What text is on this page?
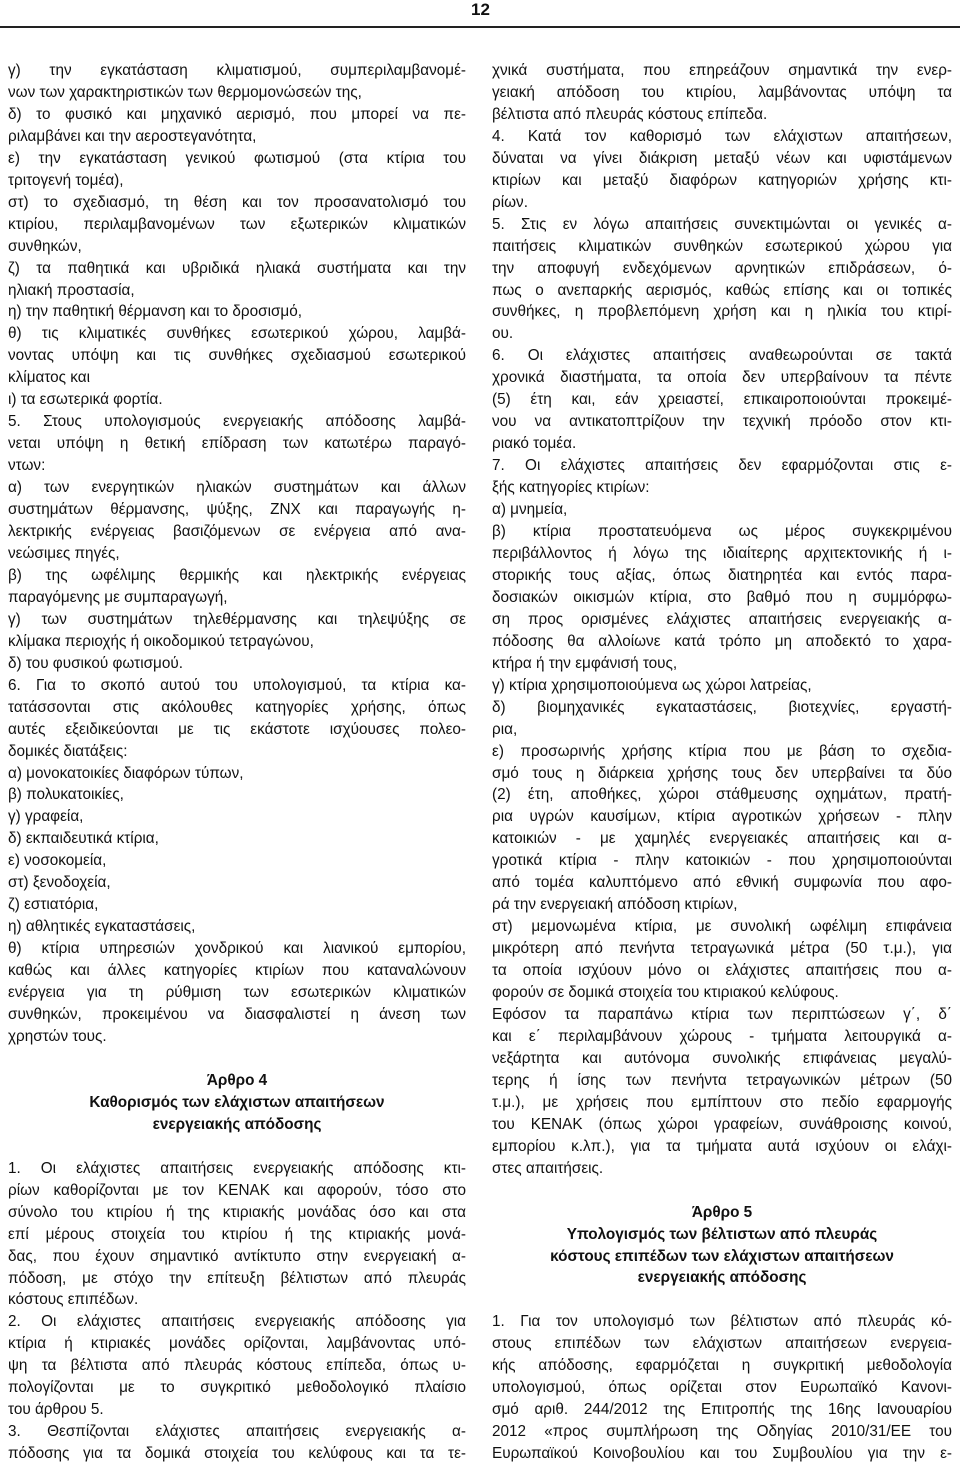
12
γ) την εγκατάσταση κλιματισμού, συμπεριλαμβανομέ-
νων των χαρακτηριστικών των θερμομονώσεών της,
δ) το φυσικό και μηχανικό αερισμό, που μπορεί να πε-
ριλαμβάνει και την αεροστεγανότητα,
ε) την εγκατάσταση γενικού φωτισμού (στα κτίρια του
τριτογενή τομέα),
στ) το σχεδιασμό, τη θέση και τον προσανατολισμό του
κτιρίου, περιλαμβανομένων των εξωτερικών κλιματικών
συνθηκών,
ζ) τα παθητικά και υβριδικά ηλιακά συστήματα και την
ηλιακή προστασία,
η) την παθητική θέρμανση και το δροσισμό,
θ) τις κλιματικές συνθήκες εσωτερικού χώρου, λαμβά-
νοντας υπόψη και τις συνθήκες σχεδιασμού εσωτερικού
κλίματος και
ι) τα εσωτερικά φορτία.
5. Στους υπολογισμούς ενεργειακής απόδοσης λαμβά-
νεται υπόψη η θετική επίδραση των κατωτέρω παραγό-
ντων:
α) των ενεργητικών ηλιακών συστημάτων και άλλων
συστημάτων θέρμανσης, ψύξης, ΖΝΧ και παραγωγής η-
λεκτρικής ενέργειας βασιζόμενων σε ενέργεια από ανα-
νεώσιμες πηγές,
β) της ωφέλιμης θερμικής και ηλεκτρικής ενέργειας
παραγόμενης με συμπαραγωγή,
γ) των συστημάτων τηλεθέρμανσης και τηλεψύξης σε
κλίμακα περιοχής ή οικοδομικού τετραγώνου,
δ) του φυσικού φωτισμού.
6. Για το σκοπό αυτού του υπολογισμού, τα κτίρια κα-
τατάσσονται στις ακόλουθες κατηγορίες χρήσης, όπως
αυτές εξειδικεύονται με τις εκάστοτε ισχύουσες πολεο-
δομικές διατάξεις:
α) μονοκατοικίες διαφόρων τύπων,
β) πολυκατοικίες,
γ) γραφεία,
δ) εκπαιδευτικά κτίρια,
ε) νοσοκομεία,
στ) ξενοδοχεία,
ζ) εστιατόρια,
η) αθλητικές εγκαταστάσεις,
θ) κτίρια υπηρεσιών χονδρικού και λιανικού εμπορίου,
καθώς και άλλες κατηγορίες κτιρίων που καταναλώνουν
ενέργεια για τη ρύθμιση των εσωτερικών κλιματικών
συνθηκών, προκειμένου να διασφαλιστεί η άνεση των
χρηστών τους.
Άρθρο 4
Καθορισμός των ελάχιστων απαιτήσεων
ενεργειακής απόδοσης
1. Οι ελάχιστες απαιτήσεις ενεργειακής απόδοσης κτι-
ρίων καθορίζονται με τον ΚΕΝΑΚ και αφορούν, τόσο στο
σύνολο του κτιρίου ή της κτιριακής μονάδας όσο και στα
επί μέρους στοιχεία του κτιρίου ή της κτιριακής μονά-
δας, που έχουν σημαντικό αντίκτυπο στην ενεργειακή α-
πόδοση, με στόχο την επίτευξη βέλτιστων από πλευράς
κόστους επιπέδων.
2. Οι ελάχιστες απαιτήσεις ενεργειακής απόδοσης για
κτίρια ή κτιριακές μονάδες ορίζονται, λαμβάνοντας υπό-
ψη τα βέλτιστα από πλευράς κόστους επίπεδα, όπως υ-
πολογίζονται με το συγκριτικό μεθοδολογικό πλαίσιο
του άρθρου 5.
3. Θεσπίζονται ελάχιστες απαιτήσεις ενεργειακής α-
πόδοσης για τα δομικά στοιχεία του κελύφους και τα τε-
χνικά συστήματα, που επηρεάζουν σημαντικά την ενερ-
γειακή απόδοση του κτιρίου, λαμβάνοντας υπόψη τα
βέλτιστα από πλευράς κόστους επίπεδα.
4. Κατά τον καθορισμό των ελάχιστων απαιτήσεων,
δύναται να γίνει διάκριση μεταξύ νέων και υφιστάμενων
κτιρίων και μεταξύ διαφόρων κατηγοριών χρήσης κτι-
ρίων.
5. Στις εν λόγω απαιτήσεις συνεκτιμώνται οι γενικές α-
παιτήσεις κλιματικών συνθηκών εσωτερικού χώρου για
την αποφυγή ενδεχόμενων αρνητικών επιδράσεων, ό-
πως ο ανεπαρκής αερισμός, καθώς επίσης και οι τοπικές
συνθήκες, η προβλεπόμενη χρήση και η ηλικία του κτιρί-
ου.
6. Οι ελάχιστες απαιτήσεις αναθεωρούνται σε τακτά
χρονικά διαστήματα, τα οποία δεν υπερβαίνουν τα πέντε
(5) έτη και, εάν χρειαστεί, επικαιροποιούνται προκειμέ-
νου να αντικατοπτρίζουν την τεχνική πρόοδο στον κτι-
ριακό τομέα.
7. Οι ελάχιστες απαιτήσεις δεν εφαρμόζονται στις ε-
ξής κατηγορίες κτιρίων:
α) μνημεία,
β) κτίρια προστατευόμενα ως μέρος συγκεκριμένου
περιβάλλοντος ή λόγω της ιδιαίτερης αρχιτεκτονικής ή ι-
στορικής τους αξίας, όπως διατηρητέα και εντός παρα-
δοσιακών οικισμών κτίρια, στο βαθμό που η συμμόρφω-
ση προς ορισμένες ελάχιστες απαιτήσεις ενεργειακής α-
πόδοσης θα αλλοίωνε κατά τρόπο μη αποδεκτό το χαρα-
κτήρα ή την εμφάνισή τους,
γ) κτίρια χρησιμοποιούμενα ως χώροι λατρείας,
δ) βιομηχανικές εγκαταστάσεις, βιοτεχνίες, εργαστή-
ρια,
ε) προσωρινής χρήσης κτίρια που με βάση το σχεδια-
σμό τους η διάρκεια χρήσης τους δεν υπερβαίνει τα δύο
(2) έτη, αποθήκες, χώροι στάθμευσης οχημάτων, πρατή-
ρια υγρών καυσίμων, κτίρια αγροτικών χρήσεων - πλην
κατοικιών - με χαμηλές ενεργειακές απαιτήσεις και α-
γροτικά κτίρια - πλην κατοικιών - που χρησιμοποιούνται
από τομέα καλυπτόμενο από εθνική συμφωνία που αφο-
ρά την ενεργειακή απόδοση κτιρίων,
στ) μεμονωμένα κτίρια, με συνολική ωφέλιμη επιφάνεια
μικρότερη από πενήντα τετραγωνικά μέτρα (50 τ.μ.), για
τα οποία ισχύουν μόνο οι ελάχιστες απαιτήσεις που α-
φορούν σε δομικά στοιχεία του κτιριακού κελύφους.
Εφόσον τα παραπάνω κτίρια των περιπτώσεων γ΄, δ΄
και ε΄ περιλαμβάνουν χώρους - τμήματα λειτουργικά α-
νεξάρτητα και αυτόνομα συνολικής επιφάνειας μεγαλύ-
τερης ή ίσης των πενήντα τετραγωνικών μέτρων (50
τ.μ.), με χρήσεις που εμπίπτουν στο πεδίο εφαρμογής
του ΚΕΝΑΚ (όπως χώροι γραφείων, συνάθροισης κοινού,
εμπορίου κ.λπ.), για τα τμήματα αυτά ισχύουν οι ελάχι-
στες απαιτήσεις.
Άρθρο 5
Υπολογισμός των βέλτιστων από πλευράς
κόστους επιπέδων των ελάχιστων απαιτήσεων
ενεργειακής απόδοσης
1. Για τον υπολογισμό των βέλτιστων από πλευράς κό-
στους επιπέδων των ελάχιστων απαιτήσεων ενεργεια-
κής απόδοσης, εφαρμόζεται η συγκριτική μεθοδολογία
υπολογισμού, όπως ορίζεται στον Ευρωπαϊκό Κανονι-
σμό αριθ. 244/2012 της Επιτροπής της 16ης Ιανουαρίου
2012 «προς συμπλήρωση της Οδηγίας 2010/31/ΕΕ του
Ευρωπαϊκού Κοινοβουλίου και του Συμβουλίου για την ε-
